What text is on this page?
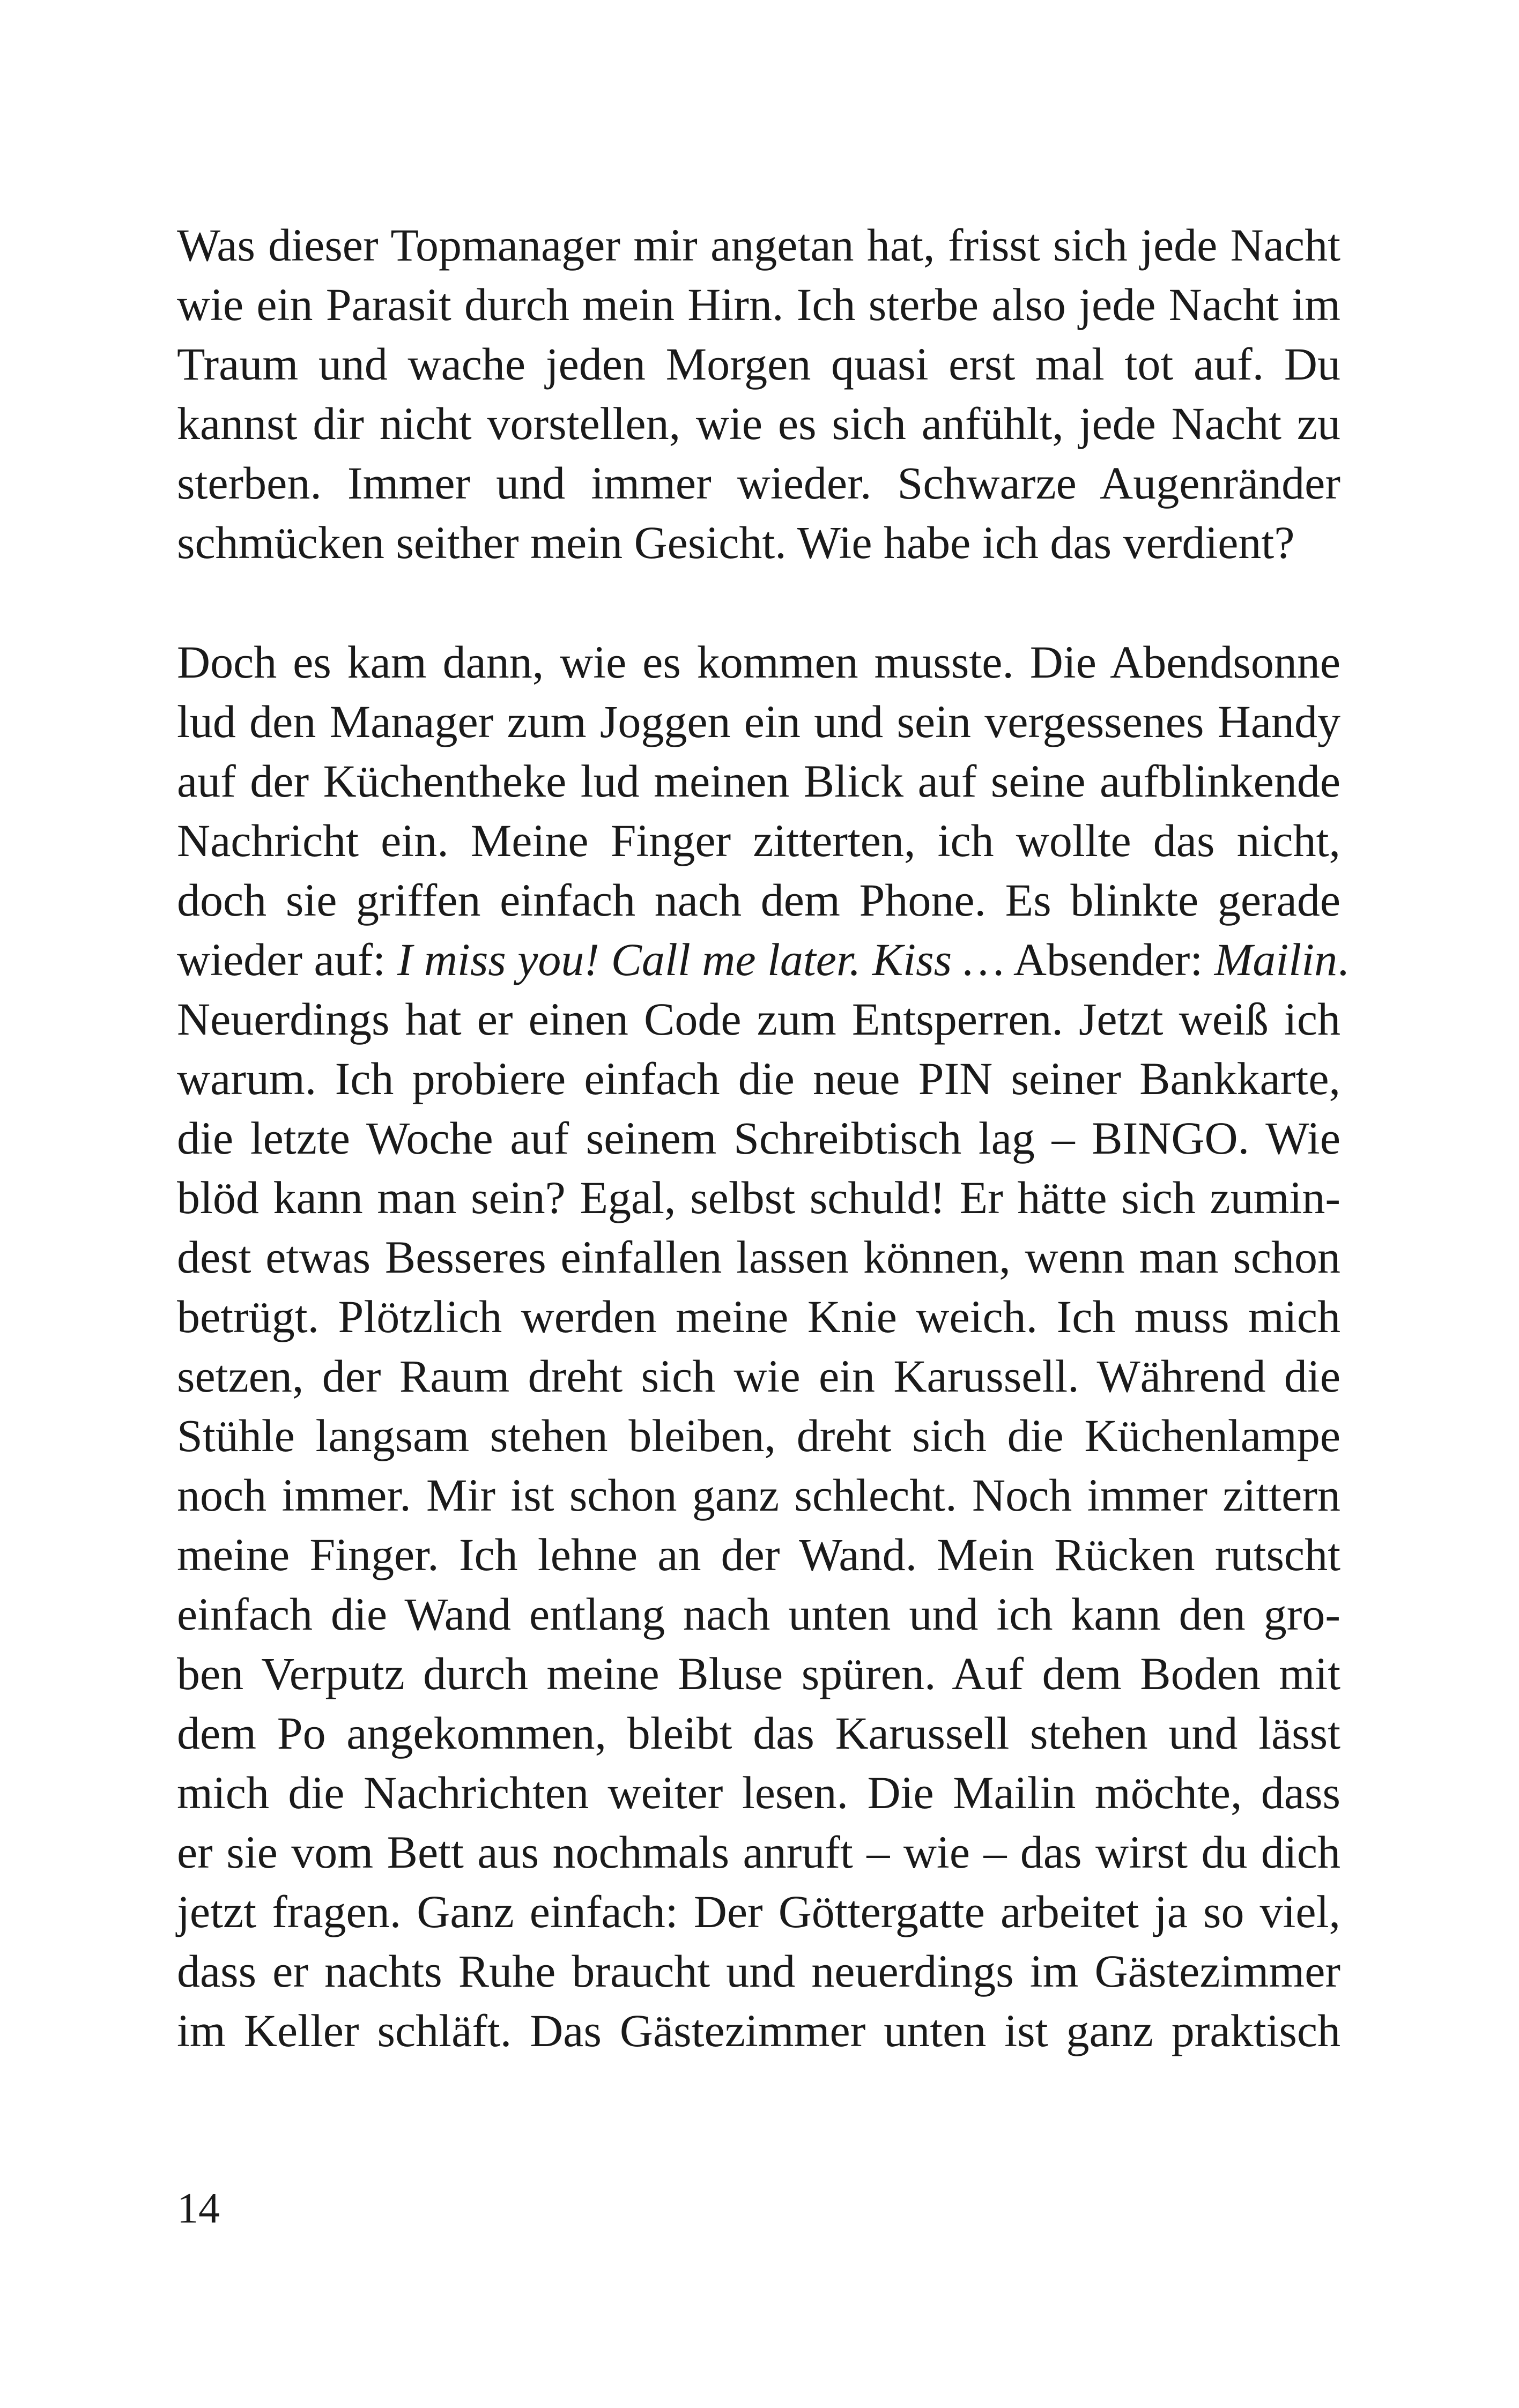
Was dieser Topmanager mir angetan hat, frisst sich jede Nacht
wie ein Parasit durch mein Hirn. Ich sterbe also jede Nacht im
Traum und wache jeden Morgen quasi erst mal tot auf. Du
kannst dir nicht vorstellen, wie es sich anfühlt, jede Nacht zu
sterben. Immer und immer wieder. Schwarze Augenränder
schmücken seither mein Gesicht. Wie habe ich das verdient?
Doch es kam dann, wie es kommen musste. Die Abendsonne
lud den Manager zum Joggen ein und sein vergessenes Handy
auf der Küchentheke lud meinen Blick auf seine aufblinkende
Nachricht ein. Meine Finger zitterten, ich wollte das nicht,
doch sie griffen einfach nach dem Phone. Es blinkte gerade
wieder auf: I miss you! Call me later. Kiss … Absender: Mailin.
Neuerdings hat er einen Code zum Entsperren. Jetzt weiß ich
warum. Ich probiere einfach die neue PIN seiner Bankkarte,
die letzte Woche auf seinem Schreibtisch lag – BINGO. Wie
blöd kann man sein? Egal, selbst schuld! Er hätte sich zumin-
dest etwas Besseres einfallen lassen können, wenn man schon
betrügt. Plötzlich werden meine Knie weich. Ich muss mich
setzen, der Raum dreht sich wie ein Karussell. Während die
Stühle langsam stehen bleiben, dreht sich die Küchenlampe
noch immer. Mir ist schon ganz schlecht. Noch immer zittern
meine Finger. Ich lehne an der Wand. Mein Rücken rutscht
einfach die Wand entlang nach unten und ich kann den gro-
ben Verputz durch meine Bluse spüren. Auf dem Boden mit
dem Po angekommen, bleibt das Karussell stehen und lässt
mich die Nachrichten weiter lesen. Die Mailin möchte, dass
er sie vom Bett aus nochmals anruft – wie – das wirst du dich
jetzt fragen. Ganz einfach: Der Göttergatte arbeitet ja so viel,
dass er nachts Ruhe braucht und neuerdings im Gästezimmer
im Keller schläft. Das Gästezimmer unten ist ganz praktisch
14
